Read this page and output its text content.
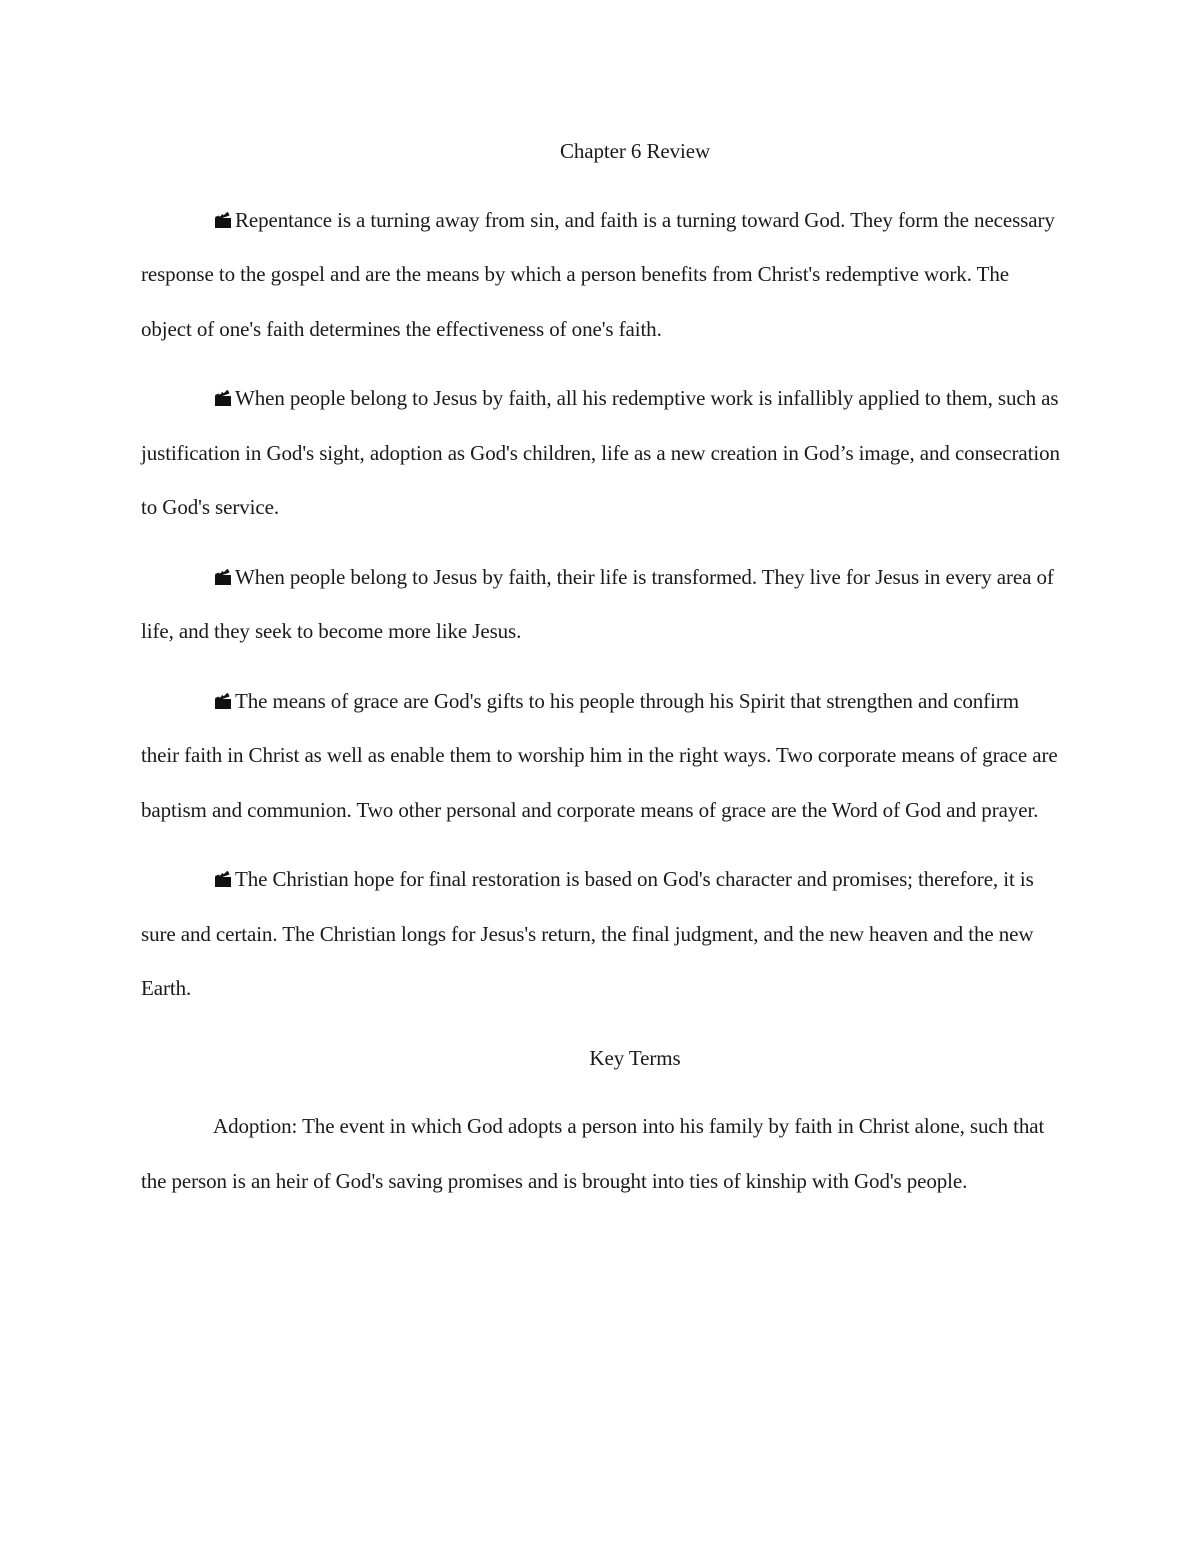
Chapter 6 Review

Repentance is a turning away from sin, and faith is a turning toward God. They form the necessary response to the gospel and are the means by which a person benefits from Christ's redemptive work. The object of one's faith determines the effectiveness of one's faith.

When people belong to Jesus by faith, all his redemptive work is infallibly applied to them, such as justification in God's sight, adoption as God's children, life as a new creation in God’s image, and consecration to God's service.

When people belong to Jesus by faith, their life is transformed. They live for Jesus in every area of life, and they seek to become more like Jesus.

The means of grace are God's gifts to his people through his Spirit that strengthen and confirm their faith in Christ as well as enable them to worship him in the right ways. Two corporate means of grace are baptism and communion. Two other personal and corporate means of grace are the Word of God and prayer.

The Christian hope for final restoration is based on God's character and promises; therefore, it is sure and certain. The Christian longs for Jesus's return, the final judgment, and the new heaven and the new Earth.

Key Terms

Adoption: The event in which God adopts a person into his family by faith in Christ alone, such that the person is an heir of God's saving promises and is brought into ties of kinship with God's people.
